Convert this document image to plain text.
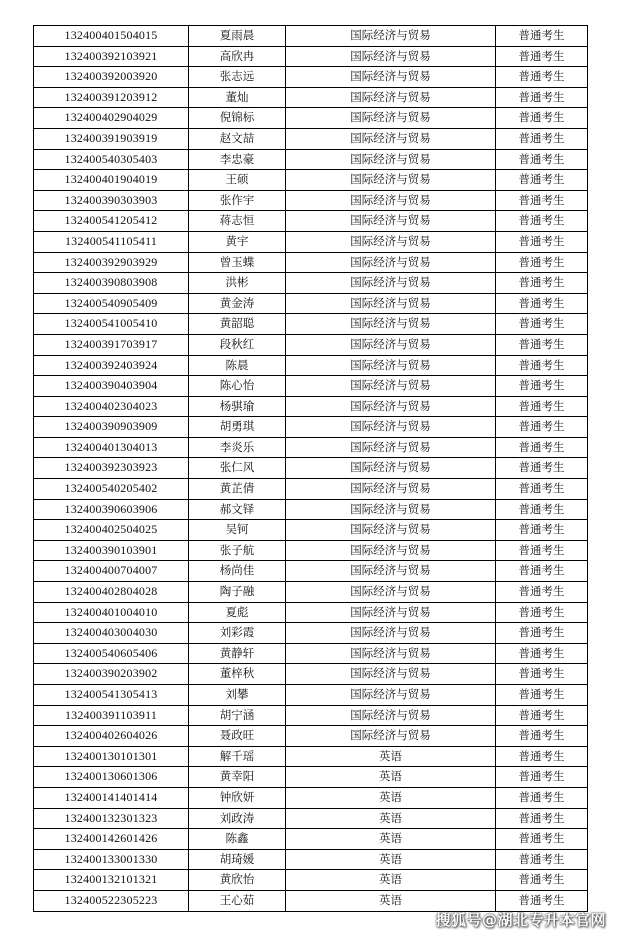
132400401504015	夏雨晨	国际经济与贸易	普通考生
132400392103921	高欣冉	国际经济与贸易	普通考生
132400392003920	张志远	国际经济与贸易	普通考生
132400391203912	董灿	国际经济与贸易	普通考生
132400402904029	倪锦标	国际经济与贸易	普通考生
132400391903919	赵文喆	国际经济与贸易	普通考生
132400540305403	李忠豪	国际经济与贸易	普通考生
132400401904019	王硕	国际经济与贸易	普通考生
132400390303903	张作宇	国际经济与贸易	普通考生
132400541205412	蒋志恒	国际经济与贸易	普通考生
132400541105411	黄宇	国际经济与贸易	普通考生
132400392903929	曾玉蝶	国际经济与贸易	普通考生
132400390803908	洪彬	国际经济与贸易	普通考生
132400540905409	黄金涛	国际经济与贸易	普通考生
132400541005410	黄韶聪	国际经济与贸易	普通考生
132400391703917	段秋红	国际经济与贸易	普通考生
132400392403924	陈晨	国际经济与贸易	普通考生
132400390403904	陈心怡	国际经济与贸易	普通考生
132400402304023	杨骐瑜	国际经济与贸易	普通考生
132400390903909	胡勇琪	国际经济与贸易	普通考生
132400401304013	李炎乐	国际经济与贸易	普通考生
132400392303923	张仁风	国际经济与贸易	普通考生
132400540205402	黄芷倩	国际经济与贸易	普通考生
132400390603906	郝文铎	国际经济与贸易	普通考生
132400402504025	吴钶	国际经济与贸易	普通考生
132400390103901	张子航	国际经济与贸易	普通考生
132400400704007	杨尚佳	国际经济与贸易	普通考生
132400402804028	陶子融	国际经济与贸易	普通考生
132400401004010	夏彪	国际经济与贸易	普通考生
132400403004030	刘彩霞	国际经济与贸易	普通考生
132400540605406	黄静轩	国际经济与贸易	普通考生
132400390203902	董梓秋	国际经济与贸易	普通考生
132400541305413	刘攀	国际经济与贸易	普通考生
132400391103911	胡宁涵	国际经济与贸易	普通考生
132400402604026	聂政旺	国际经济与贸易	普通考生
132400130101301	解千瑶	英语	普通考生
132400130601306	黄幸阳	英语	普通考生
132400141401414	钟欣妍	英语	普通考生
132400132301323	刘政涛	英语	普通考生
132400142601426	陈鑫	英语	普通考生
132400133001330	胡琦媛	英语	普通考生
132400132101321	黄欣怡	英语	普通考生
132400522305223	王心茹	英语	普通考生
搜狐号@湖北专升本官网
